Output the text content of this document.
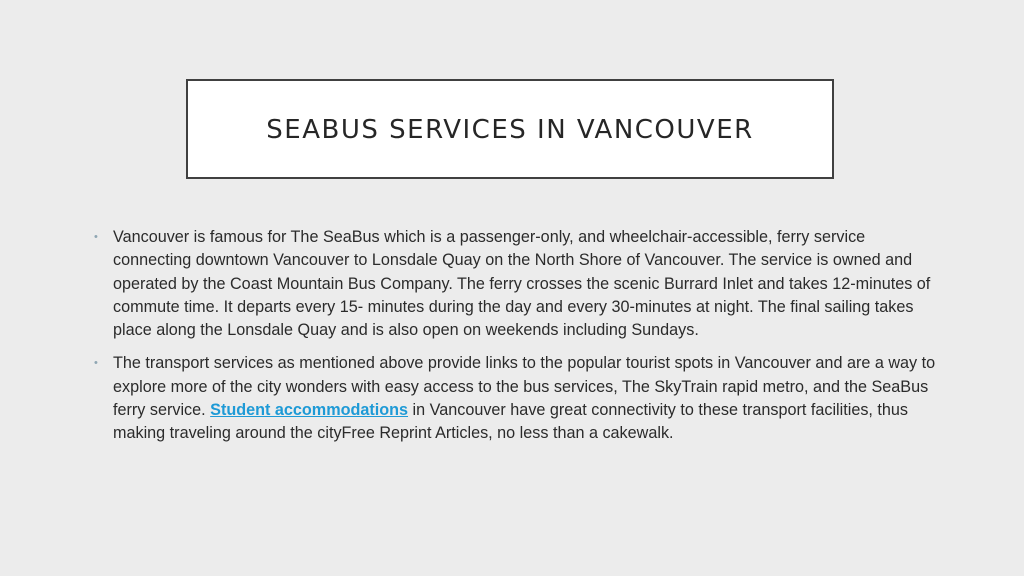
SEABUS SERVICES IN VANCOUVER
• Vancouver is famous for The SeaBus which is a passenger-only, and wheelchair-accessible, ferry service connecting downtown Vancouver to Lonsdale Quay on the North Shore of Vancouver. The service is owned and operated by the Coast Mountain Bus Company. The ferry crosses the scenic Burrard Inlet and takes 12-minutes of commute time. It departs every 15- minutes during the day and every 30-minutes at night. The final sailing takes place along the Lonsdale Quay and is also open on weekends including Sundays.
• The transport services as mentioned above provide links to the popular tourist spots in Vancouver and are a way to explore more of the city wonders with easy access to the bus services, The SkyTrain rapid metro, and the SeaBus ferry service. Student accommodations in Vancouver have great connectivity to these transport facilities, thus making traveling around the cityFree Reprint Articles, no less than a cakewalk.
